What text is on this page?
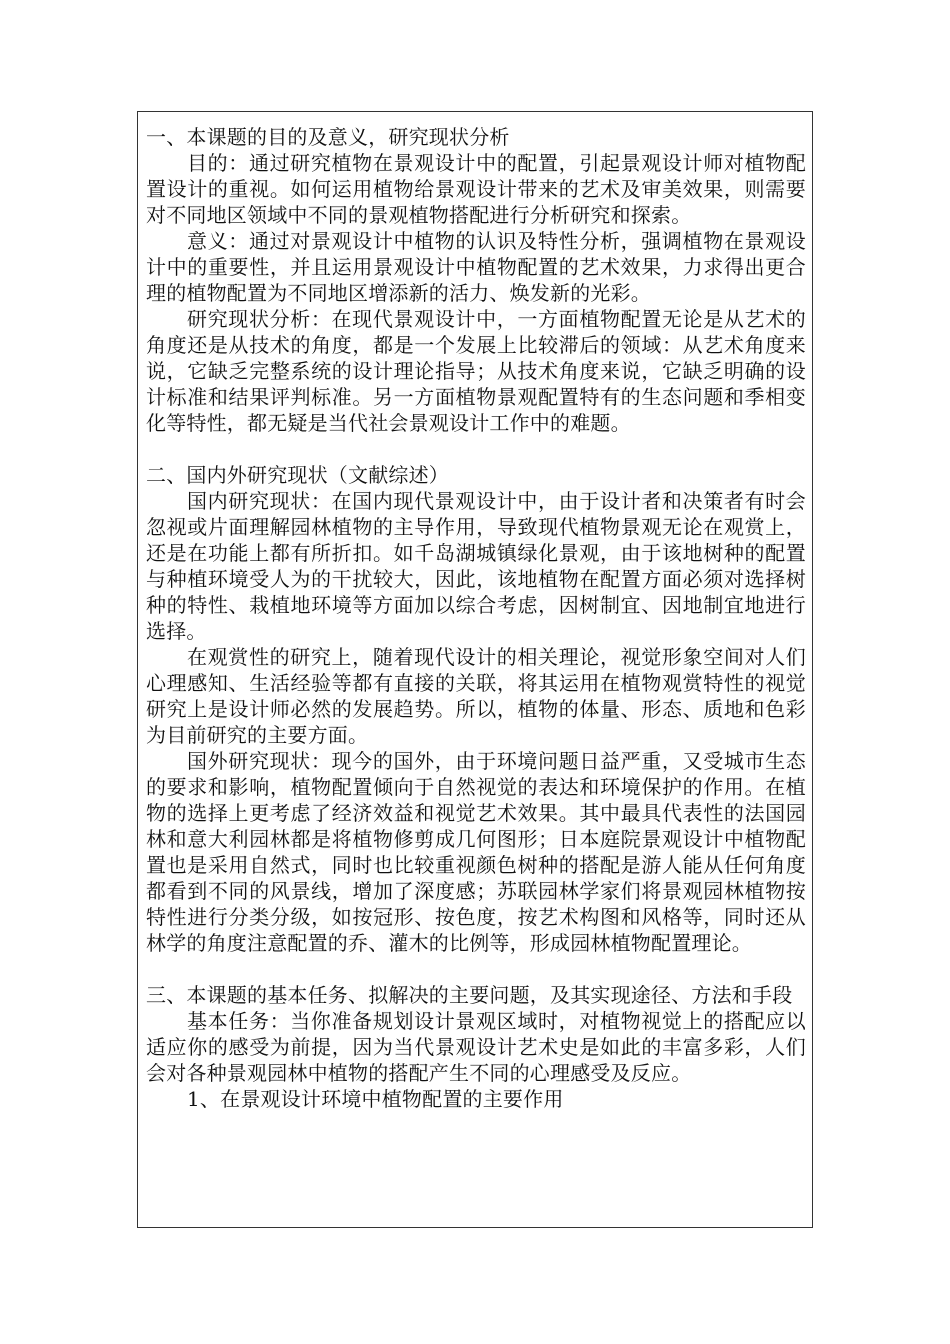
一、本课题的目的及意义，研究现状分析

目的：通过研究植物在景观设计中的配置，引起景观设计师对植物配置设计的重视。如何运用植物给景观设计带来的艺术及审美效果，则需要对不同地区领域中不同的景观植物搭配进行分析研究和探索。

意义：通过对景观设计中植物的认识及特性分析，强调植物在景观设计中的重要性，并且运用景观设计中植物配置的艺术效果，力求得出更合理的植物配置为不同地区增添新的活力、焕发新的光彩。

研究现状分析：在现代景观设计中，一方面植物配置无论是从艺术的角度还是从技术的角度，都是一个发展上比较滞后的领域：从艺术角度来说，它缺乏完整系统的设计理论指导；从技术角度来说，它缺乏明确的设计标准和结果评判标准。另一方面植物景观配置特有的生态问题和季相变化等特性，都无疑是当代社会景观设计工作中的难题。

二、国内外研究现状（文献综述）

国内研究现状：在国内现代景观设计中，由于设计者和决策者有时会忽视或片面理解园林植物的主导作用，导致现代植物景观无论在观赏上，还是在功能上都有所折扣。如千岛湖城镇绿化景观，由于该地树种的配置与种植环境受人为的干扰较大，因此，该地植物在配置方面必须对选择树种的特性、栽植地环境等方面加以综合考虑，因树制宜、因地制宜地进行选择。

在观赏性的研究上，随着现代设计的相关理论，视觉形象空间对人们心理感知、生活经验等都有直接的关联，将其运用在植物观赏特性的视觉研究上是设计师必然的发展趋势。所以，植物的体量、形态、质地和色彩为目前研究的主要方面。

国外研究现状：现今的国外，由于环境问题日益严重，又受城市生态的要求和影响，植物配置倾向于自然视觉的表达和环境保护的作用。在植物的选择上更考虑了经济效益和视觉艺术效果。其中最具代表性的法国园林和意大利园林都是将植物修剪成几何图形；日本庭院景观设计中植物配置也是采用自然式，同时也比较重视颜色树种的搭配是游人能从任何角度都看到不同的风景线，增加了深度感；苏联园林学家们将景观园林植物按特性进行分类分级，如按冠形、按色度，按艺术构图和风格等，同时还从林学的角度注意配置的乔、灌木的比例等，形成园林植物配置理论。

三、本课题的基本任务、拟解决的主要问题，及其实现途径、方法和手段

基本任务：当你准备规划设计景观区域时，对植物视觉上的搭配应以适应你的感受为前提，因为当代景观设计艺术史是如此的丰富多彩，人们会对各种景观园林中植物的搭配产生不同的心理感受及反应。

1、在景观设计环境中植物配置的主要作用
